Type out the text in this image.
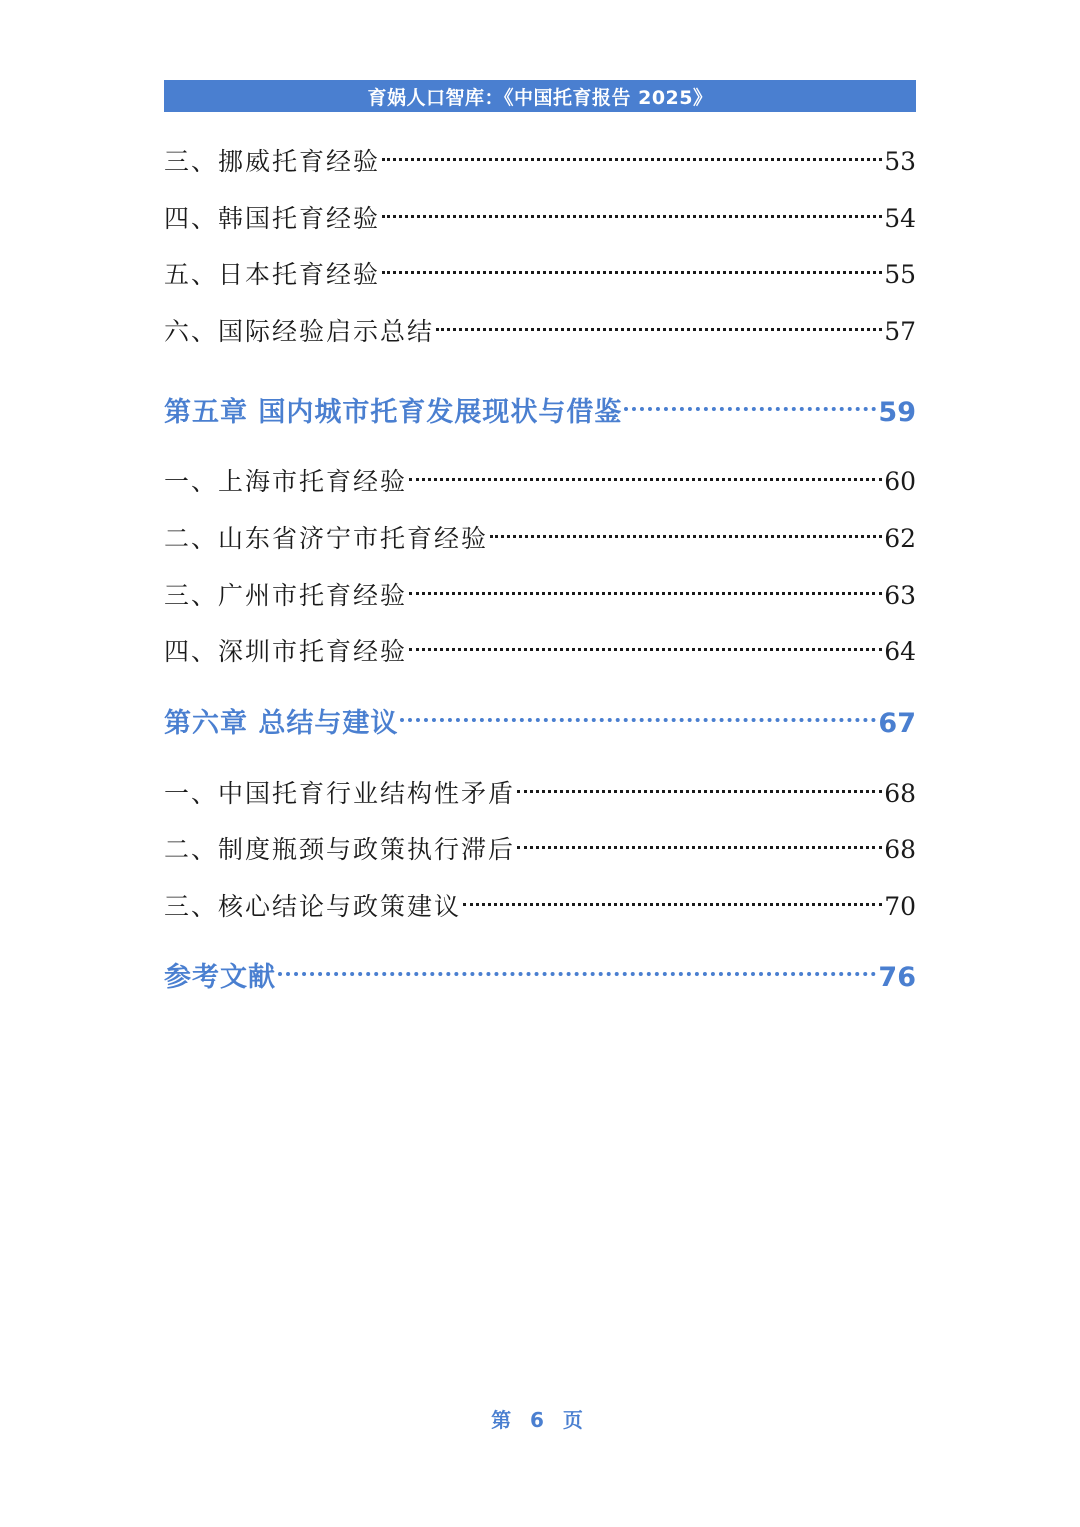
育娲人口智库：《中国托育报告 2025》
三、挪威托育经验	53
四、韩国托育经验	54
五、日本托育经验	55
六、国际经验启示总结	57
第五章 国内城市托育发展现状与借鉴	59
一、上海市托育经验	60
二、山东省济宁市托育经验	62
三、广州市托育经验	63
四、深圳市托育经验	64
第六章 总结与建议	67
一、中国托育行业结构性矛盾	68
二、制度瓶颈与政策执行滞后	68
三、核心结论与政策建议	70
参考文献	76
第 6 页
